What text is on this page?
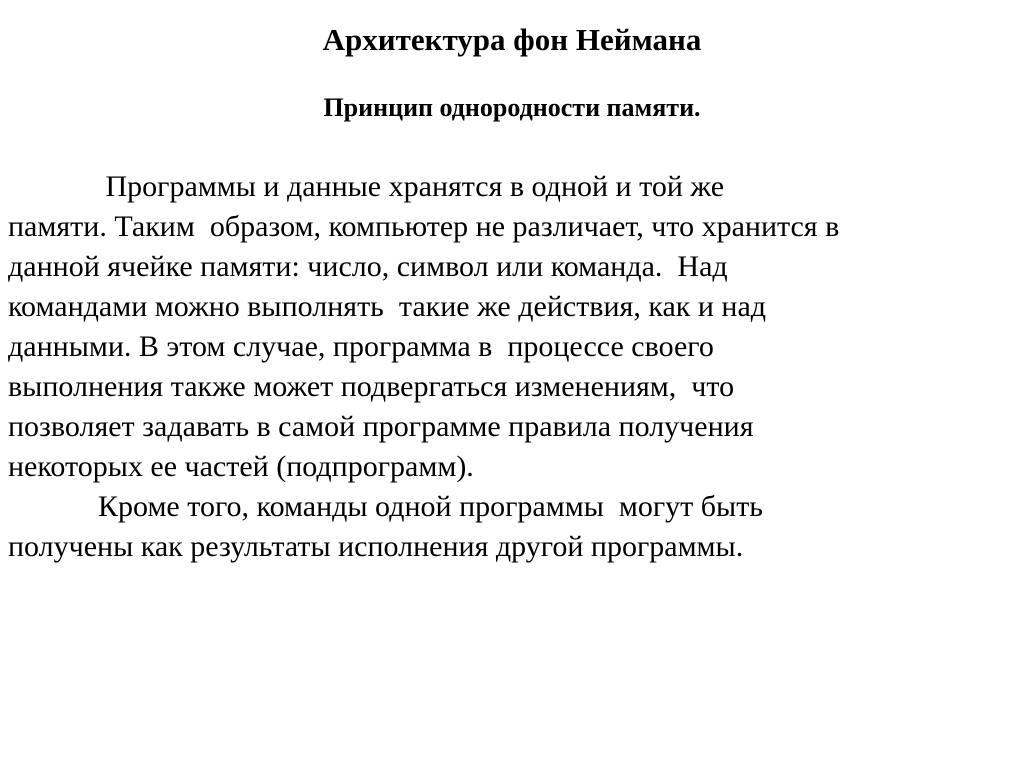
Архитектура фон Неймана
Принцип однородности памяти.
Программы и данные хранятся в одной и той же
памяти. Таким  образом, компьютер не различает, что хранится в
данной ячейке памяти: число, символ или команда.  Над
командами можно выполнять  такие же действия, как и над
данными. В этом случае, программа в  процессе своего
выполнения также может подвергаться изменениям,  что
позволяет задавать в самой программе правила получения
некоторых ее частей (подпрограмм).
Кроме того, команды одной программы  могут быть
получены как результаты исполнения другой программы.
